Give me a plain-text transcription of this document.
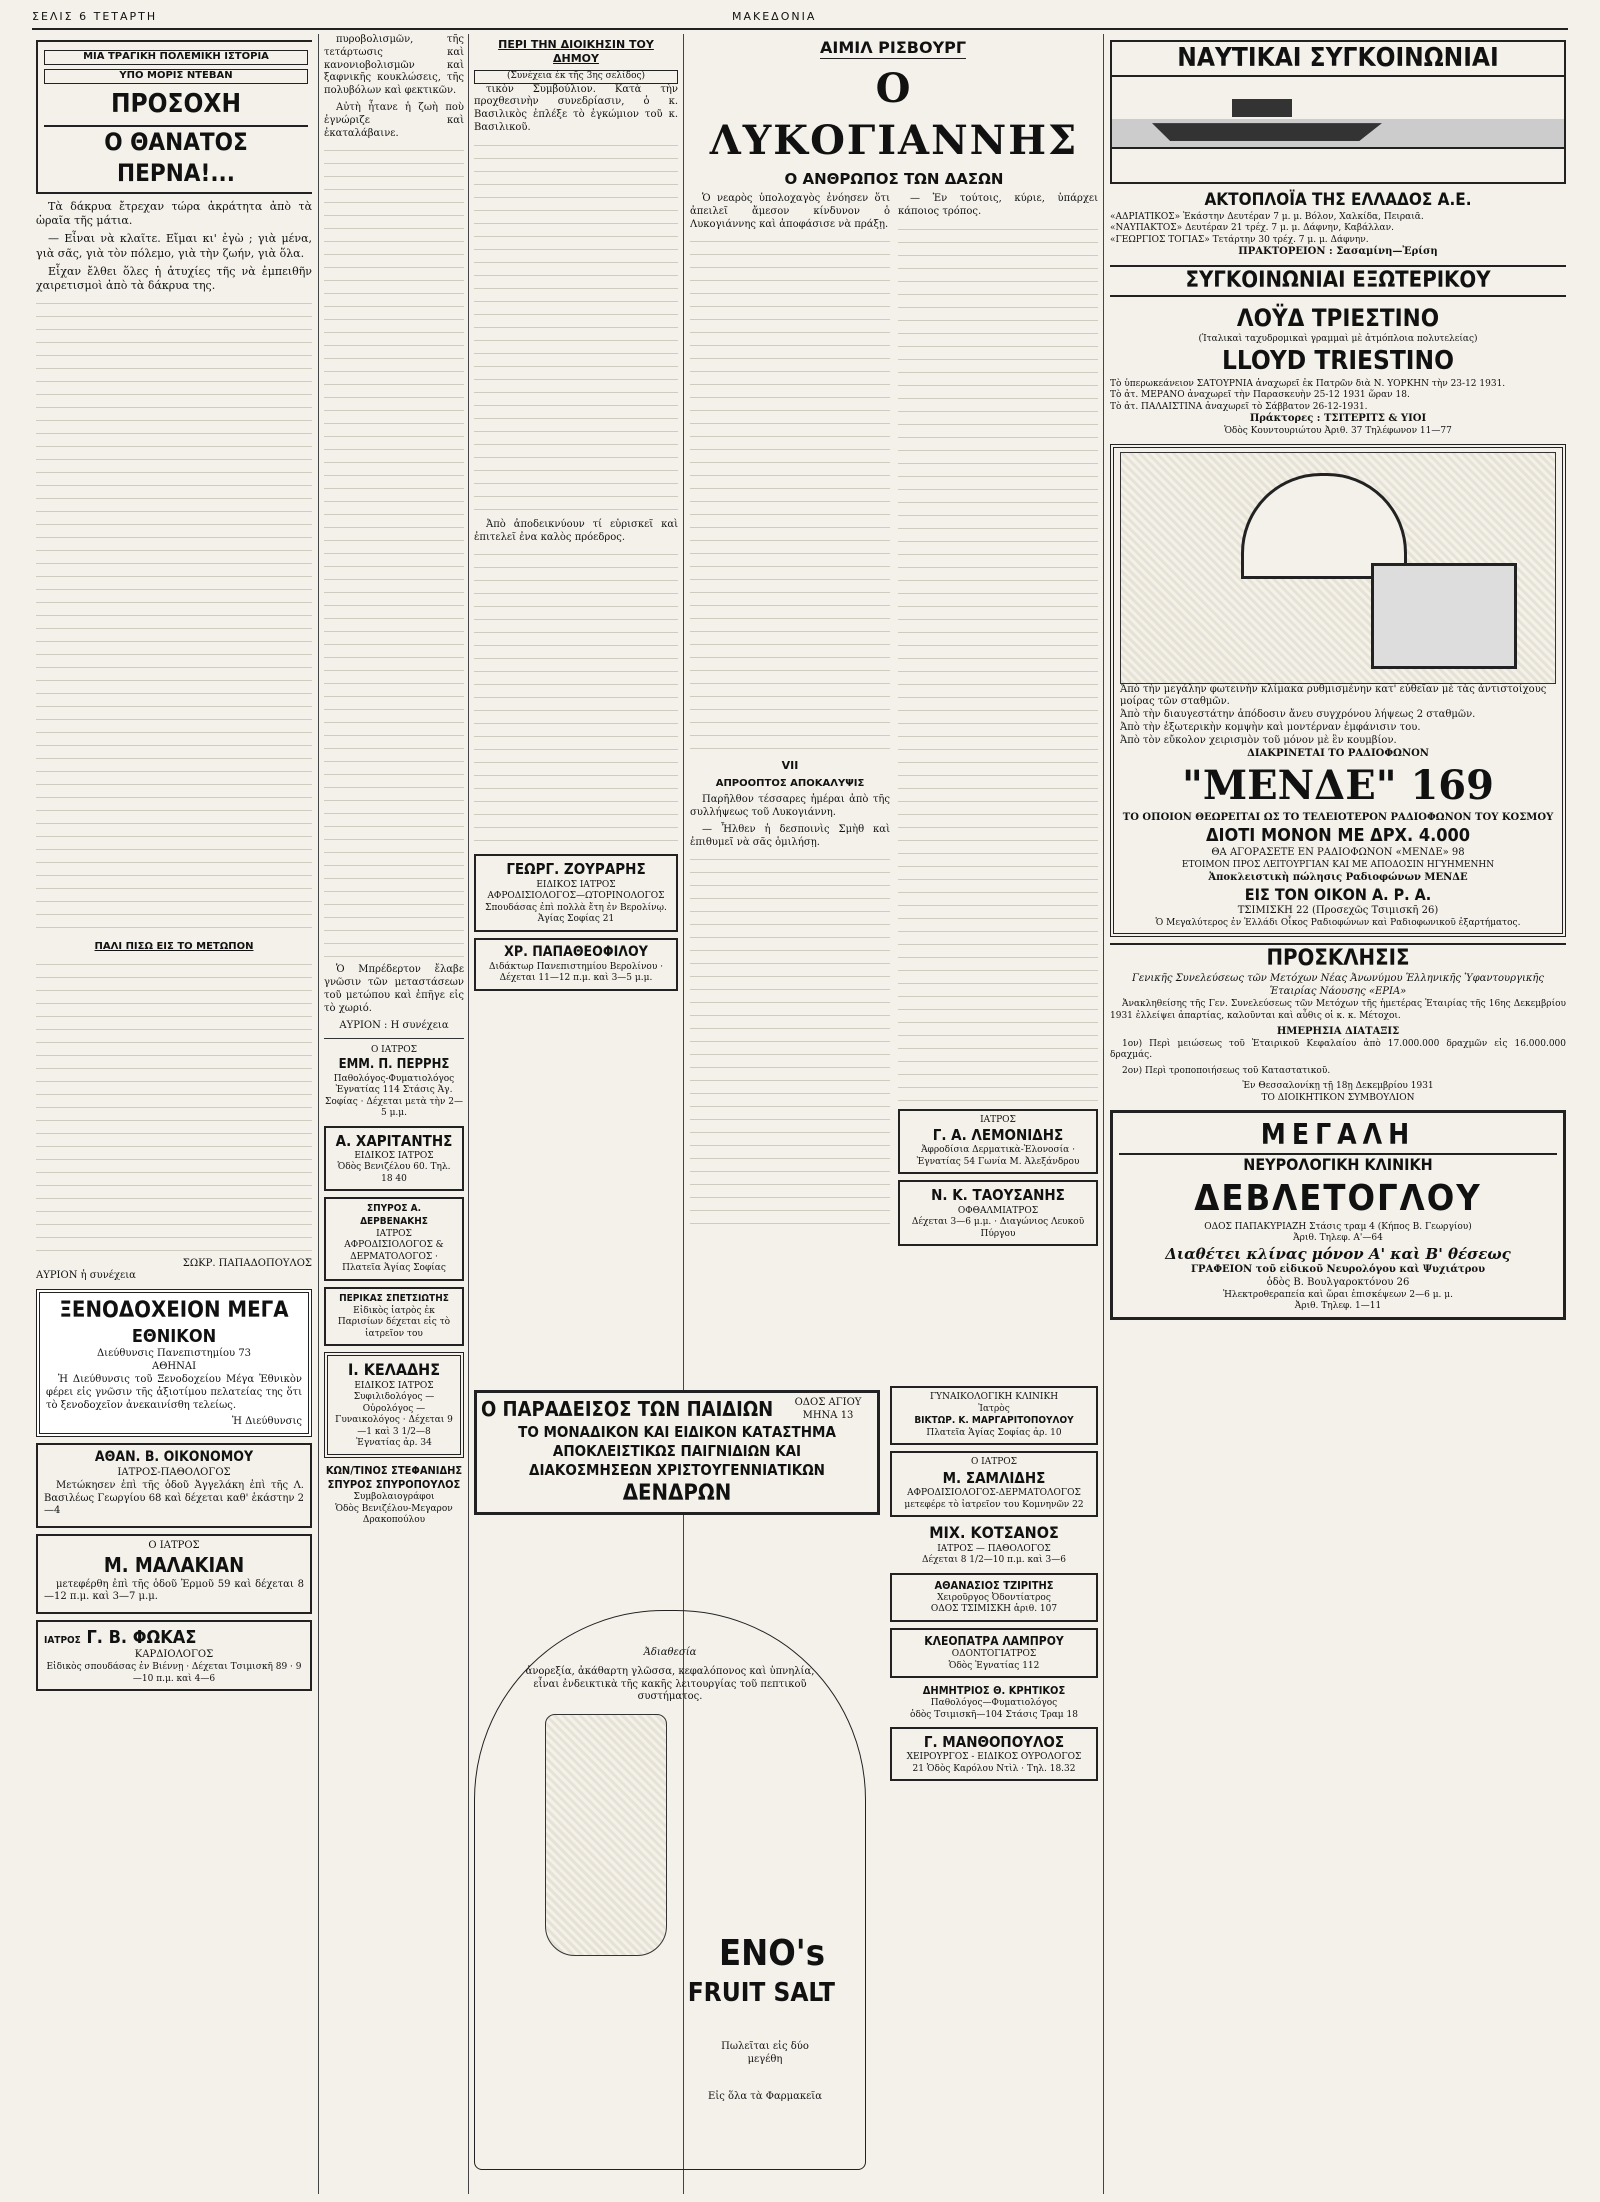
ΣΕΛΙΣ 6 ΤΕΤΑΡΤΗ	ΜΑΚΕΔΟΝΙΑ
ΜΙΑ ΤΡΑΓΙΚΗ ΠΟΛΕΜΙΚΗ ΙΣΤΟΡΙΑ
ΥΠΟ ΜΟΡΙΣ ΝΤΕΒΑΝ
ΠΡΟΣΟΧΗ
Ο ΘΑΝΑΤΟΣ ΠΕΡΝΑ!...

Τὰ δάκρυα ἔτρεχαν τώρα ἀκράτητα ἀπὸ τὰ ὡραῖα τῆς μάτια.

— Εἶναι νὰ κλαῖτε. Εἴμαι κι' ἐγὼ ; γιὰ μένα, γιὰ σᾶς, γιὰ τὸν πόλεμο, γιὰ τὴν ζωήν, γιὰ ὅλα.

Εἶχαν ἔλθει ὅλες ἡ ἀτυχίες τῆς νὰ ἐμπειθῆν χαιρετισμοὶ ἀπὸ τὰ δάκρυα της.

ΠΑΛΙ ΠΙΣΩ ΕΙΣ ΤΟ ΜΕΤΩΠΟΝ
ΣΩΚΡ. ΠΑΠΑΔΟΠΟΥΛΟΣ
ΑΥΡΙΟΝ ἡ συνέχεια
ΞΕΝΟΔΟΧΕΙΟΝ ΜΕΓΑ
ΕΘΝΙΚΟΝ
Διεύθυνσις Πανεπιστημίου 73
ΑΘΗΝΑΙ

Ἡ Διεύθυνσις τοῦ Ξενοδοχείου Μέγα Ἐθνικὸν φέρει εἰς γνῶσιν τῆς ἀξιοτίμου πελατείας της ὅτι τὸ ξενοδοχεῖον ἀνεκαινίσθη τελείως.

Ἡ Διεύθυνσις
ΑΘΑΝ. Β. ΟΙΚΟΝΟΜΟΥ
ΙΑΤΡΟΣ-ΠΑΘΟΛΟΓΟΣ

Μετώκησεν ἐπὶ τῆς ὁδοῦ Ἀγγελάκη ἐπὶ τῆς Λ. Βασιλέως Γεωργίου 68 καὶ δέχεται καθ' ἑκάστην 2—4

Ο ΙΑΤΡΟΣ
Μ. ΜΑΛΑΚΙΑΝ

μετεφέρθη ἐπὶ τῆς ὁδοῦ Ἐρμοῦ 59 καὶ δέχεται 8—12 π.μ. καὶ 3—7 μ.μ.

ΙΑΤΡΟΣ Γ. Β. ΦΩΚΑΣ
ΚΑΡΔΙΟΛΟΓΟΣ
Εἰδικὸς σπουδάσας ἐν Βιέννῃ · Δέχεται Τσιμισκῆ 89 · 9—10 π.μ. καὶ 4—6

πυροβολισμῶν, τῆς τετάρτωσις καὶ κανονιοβολισμῶν καὶ ξαφνικῆς κουκλώσεις, τῆς πολυβόλων καὶ φεκτικῶν.

Αὐτὴ ἦτανε ἡ ζωὴ ποὺ ἐγνώριζε καὶ ἐκαταλάβαινε.

Ὁ Μπρέδερτον ἔλαβε γνῶσιν τῶν μεταστάσεων τοῦ μετώπου καὶ ἐπῆγε εἰς τὸ χωριό.

ΑΥΡΙΟΝ : Η συνέχεια
Ο ΙΑΤΡΟΣ
ΕΜΜ. Π. ΠΕΡΡΗΣ
Παθολόγος-Φυματιολόγος
Ἐγνατίας 114 Στάσις Ἁγ. Σοφίας · Δέχεται μετὰ τὴν 2—5 μ.μ.
Α. ΧΑΡΙΤΑΝΤΗΣ
ΕΙΔΙΚΟΣ ΙΑΤΡΟΣ
Ὁδὸς Βενιζέλου 60. Τηλ. 18 40
ΣΠΥΡΟΣ Α. ΔΕΡΒΕΝΑΚΗΣ
ΙΑΤΡΟΣ
ΑΦΡΟΔΙΣΙΟΛΟΓΟΣ & ΔΕΡΜΑΤΟΛΟΓΟΣ · Πλατεῖα Ἁγίας Σοφίας
ΠΕΡΙΚΑΣ ΣΠΕΤΣΙΩΤΗΣ
Εἰδικὸς ἰατρὸς ἐκ Παρισίων δέχεται εἰς τὸ ἰατρεῖον του
Ι. ΚΕΛΑΔΗΣ
ΕΙΔΙΚΟΣ ΙΑΤΡΟΣ
Συφιλιδολόγος — Οὐρολόγος — Γυναικολόγος · Δέχεται 9—1 καὶ 3 1/2—8
Ἐγνατίας ἀρ. 34
ΚΩΝ/ΤΙΝΟΣ ΣΤΕΦΑΝΙΔΗΣ
ΣΠΥΡΟΣ ΣΠΥΡΟΠΟΥΛΟΣ
Συμβολαιογράφοι
Ὁδὸς Βενιζέλου-Μεγαρον Δρακοπούλου
ΠΕΡΙ ΤΗΝ ΔΙΟΙΚΗΣΙΝ ΤΟΥ ΔΗΜΟΥ
(Συνέχεια ἐκ τῆς 3ης σελίδος)

τικὸν Συμβούλιον. Κατὰ τὴν προχθεσινὴν συνεδρίασιν, ὁ κ. Βασιλικὸς ἐπλέξε τὸ ἐγκώμιον τοῦ κ. Βασιλικοῦ.

Ἀπὸ ἀποδεικνύουν τί εὑρισκεῖ καὶ ἐπιτελεῖ ἐνα καλὸς πρόεδρος.

ΓΕΩΡΓ. ΖΟΥΡΑΡΗΣ
ΕΙΔΙΚΟΣ ΙΑΤΡΟΣ
ΑΦΡΟΔΙΣΙΟΛΟΓΟΣ—ΩΤΟΡΙΝΟΛΟΓΟΣ
Σπουδάσας ἐπὶ πολλὰ ἔτη ἐν Βερολίνῳ. Ἁγίας Σοφίας 21
ΧΡ. ΠΑΠΑΘΕΟΦΙΛΟΥ
Διδάκτωρ Πανεπιστημίου Βερολίνου · Δέχεται 11—12 π.μ. καὶ 3—5 μ.μ.
Ο ΠΑΡΑΔΕΙΣΟΣ ΤΩΝ ΠΑΙΔΙΩΝ	ΟΔΟΣ ΑΓΙΟΥ ΜΗΝΑ 13
ΤΟ ΜΟΝΑΔΙΚΟΝ ΚΑΙ ΕΙΔΙΚΟΝ ΚΑΤΑΣΤΗΜΑ
ΑΠΟΚΛΕΙΣΤΙΚΩΣ ΠΑΙΓΝΙΔΙΩΝ ΚΑΙ
ΔΙΑΚΟΣΜΗΣΕΩΝ ΧΡΙΣΤΟΥΓΕΝΝΙΑΤΙΚΩΝ
ΔΕΝΔΡΩΝ
Ἀδιαθεσία
ἀνορεξία, ἀκάθαρτη γλῶσσα, κεφαλόπονος καὶ ὑπνηλία, εἶναι ἐνδεικτικὰ τῆς κακῆς λειτουργίας τοῦ πεπτικοῦ συστήματος.
ENO's
FRUIT SALT
Πωλεῖται εἰς δύο μεγέθη
Εἰς ὅλα τὰ Φαρμακεῖα
ΑΙΜΙΛ ΡΙΣΒΟΥΡΓ
Ο ΛΥΚΟΓΙΑΝΝΗΣ
Ο ΑΝΘΡΩΠΟΣ ΤΩΝ ΔΑΣΩΝ

Ὁ νεαρὸς ὑπολοχαγὸς ἐνόησεν ὅτι ἀπειλεῖ ἄμεσον κίνδυνον ὁ Λυκογιάννης καὶ ἀποφάσισε νὰ πράξῃ.

VII
ΑΠΡΟΟΠΤΟΣ ΑΠΟΚΑΛΥΨΙΣ

Παρῆλθον τέσσαρες ἡμέραι ἀπὸ τῆς συλλήψεως τοῦ Λυκογιάννη.

— Ἦλθεν ἡ δεσποινὶς Σμὴθ καὶ ἐπιθυμεῖ νὰ σᾶς ὁμιλήσῃ.

— Ἐν τούτοις, κύριε, ὑπάρχει κάποιος τρόπος.

ΙΑΤΡΟΣ
Γ. Α. ΛΕΜΟΝΙΔΗΣ
Ἀφροδίσια Δερματικὰ-Ἐλονοσία · Ἐγνατίας 54 Γωνία Μ. Ἀλεξάνδρου
Ν. Κ. ΤΑΟΥΣΑΝΗΣ
ΟΦΘΑΛΜΙΑΤΡΟΣ
Δέχεται 3—6 μ.μ. · Διαγώνιος Λευκοῦ Πύργου
ΓΥΝΑΙΚΟΛΟΓΙΚΗ ΚΛΙΝΙΚΗ
Ἰατρὸς
ΒΙΚΤΩΡ. Κ. ΜΑΡΓΑΡΙΤΟΠΟΥΛΟΥ
Πλατεῖα Ἁγίας Σοφίας ἀρ. 10
Ο ΙΑΤΡΟΣ
Μ. ΣΑΜΛΙΔΗΣ
ΑΦΡΟΔΙΣΙΟΛΟΓΟΣ-ΔΕΡΜΑΤΟΛΟΓΟΣ
μετεφέρε τὸ ἰατρεῖον του Κομνηνῶν 22
ΜΙΧ. ΚΟΤΣΑΝΟΣ
ΙΑΤΡΟΣ — ΠΑΘΟΛΟΓΟΣ
Δέχεται 8 1/2—10 π.μ. καὶ 3—6
ΑΘΑΝΑΣΙΟΣ ΤΖΙΡΙΤΗΣ
Χειροῦργος Ὀδοντίατρος
ΟΔΟΣ ΤΣΙΜΙΣΚΗ ἀριθ. 107
ΚΛΕΟΠΑΤΡΑ ΛΑΜΠΡΟΥ
ΟΔΟΝΤΟΓΙΑΤΡΟΣ
Ὁδὸς Ἐγνατίας 112
ΔΗΜΗΤΡΙΟΣ Θ. ΚΡΗΤΙΚΟΣ
Παθολόγος—Φυματιολόγος
ὁδὸς Τσιμισκῆ—104 Στάσις Τραμ 18
Γ. ΜΑΝΘΟΠΟΥΛΟΣ
ΧΕΙΡΟΥΡΓΟΣ - ΕΙΔΙΚΟΣ ΟΥΡΟΛΟΓΟΣ
21 Ὁδὸς Καρόλου Ντὶλ · Τηλ. 18.32
ΝΑΥΤΙΚΑΙ ΣΥΓΚΟΙΝΩΝΙΑΙ
ΑΚΤΟΠΛΟΪΑ ΤΗΣ ΕΛΛΑΔΟΣ Α.Ε.
«ΑΔΡΙΑΤΙΚΟΣ» Ἐκάστην Δευτέραν 7 μ. μ. Βόλον, Χαλκίδα, Πειραιᾶ.
«ΝΑΥΠΑΚΤΟΣ» Δευτέραν 21 τρέχ. 7 μ. μ. Δάφνην, Καβάλλαν.
«ΓΕΩΡΓΙΟΣ ΤΟΓΙΑΣ» Τετάρτην 30 τρέχ. 7 μ. μ. Δάφνην.
ΠΡΑΚΤΟΡΕΙΟΝ : Σασαμίνη—Ἐρίση
ΣΥΓΚΟΙΝΩΝΙΑΙ ΕΞΩΤΕΡΙΚΟΥ
ΛΟΫΔ ΤΡΙΕΣΤΙΝΟ
(Ἰταλικαὶ ταχυδρομικαὶ γραμμαὶ μὲ ἀτμόπλοια πολυτελείας)
LLOYD TRIESTINO
Τὸ ὑπερωκεάνειον ΣΑΤΟΥΡΝΙΑ ἀναχωρεῖ ἐκ Πατρῶν διὰ Ν. ΥΟΡΚΗΝ τὴν 23-12 1931.
Τὸ ἀτ. ΜΕΡΑΝΟ ἀναχωρεῖ τὴν Παρασκευὴν 25-12 1931 ὥραν 18.
Τὸ ἀτ. ΠΑΛΑΙΣΤΙΝΑ ἀναχωρεῖ τὸ Σάββατον 26-12-1931.
Πράκτορες : ΤΣΙΤΕΡΙΤΣ & ΥΙΟΙ
Ὁδὸς Κουντουριώτου Ἀριθ. 37 Τηλέφωνον 11—77
Ἀπὸ τὴν μεγάλην φωτεινὴν κλίμακα ρυθμισμένην κατ' εὐθεῖαν μὲ τὰς ἀντιστοίχους μοίρας τῶν σταθμῶν.
Ἀπὸ τὴν διαυγεστάτην ἀπόδοσιν ἄνευ συγχρόνου λήψεως 2 σταθμῶν.
Ἀπὸ τὴν ἐξωτερικὴν κομψὴν καὶ μοντέρναν ἐμφάνισιν του.
Ἀπὸ τὸν εὔκολον χειρισμὸν τοῦ μόνον μὲ ἓν κουμβίον.
ΔΙΑΚΡΙΝΕΤΑΙ ΤΟ ΡΑΔΙΟΦΩΝΟΝ
"ΜΕΝΔΕ" 169
ΤΟ ΟΠΟΙΟΝ ΘΕΩΡΕΙΤΑΙ ΩΣ ΤΟ ΤΕΛΕΙΟΤΕΡΟΝ ΡΑΔΙΟΦΩΝΟΝ ΤΟΥ ΚΟΣΜΟΥ
ΔΙΟΤΙ ΜΟΝΟΝ ΜΕ ΔΡΧ. 4.000
ΘΑ ΑΓΟΡΑΣΕΤΕ ΕΝ ΡΑΔΙΟΦΩΝΟΝ «ΜΕΝΔΕ» 98
ΕΤΟΙΜΟΝ ΠΡΟΣ ΛΕΙΤΟΥΡΓΙΑΝ ΚΑΙ ΜΕ ΑΠΟΔΟΣΙΝ ΗΓΥΗΜΕΝΗΝ
Ἀποκλειστικὴ πώλησις Ραδιοφώνων ΜΕΝΔΕ
ΕΙΣ ΤΟΝ ΟΙΚΟΝ Α. Ρ. Α.
ΤΣΙΜΙΣΚΗ 22 (Προσεχῶς Τσιμισκῆ 26)
Ὁ Μεγαλύτερος ἐν Ἑλλάδι Οἶκος Ραδιοφώνων καὶ Ραδιοφωνικοῦ ἐξαρτήματος.
ΠΡΟΣΚΛΗΣΙΣ
Γενικῆς Συνελεύσεως τῶν Μετόχων Νέας Ἀνωνύμου Ἑλληνικῆς Ὑφαντουργικῆς Ἑταιρίας Νάουσης «ΕΡΙΑ»

Ἀνακληθείσης τῆς Γεν. Συνελεύσεως τῶν Μετόχων τῆς ἡμετέρας Ἑταιρίας τῆς 16ης Δεκεμβρίου 1931 ἐλλείψει ἀπαρτίας, καλοῦνται καὶ αὖθις οἱ κ. κ. Μέτοχοι.

ΗΜΕΡΗΣΙΑ ΔΙΑΤΑΞΙΣ

1ον) Περὶ μειώσεως τοῦ Ἑταιρικοῦ Κεφαλαίου ἀπὸ 17.000.000 δραχμῶν εἰς 16.000.000 δραχμάς.

2ον) Περὶ τροποποιήσεως τοῦ Καταστατικοῦ.

Ἐν Θεσσαλονίκῃ τῇ 18ῃ Δεκεμβρίου 1931
ΤΟ ΔΙΟΙΚΗΤΙΚΟΝ ΣΥΜΒΟΥΛΙΟΝ
ΜΕΓΑΛΗ
ΝΕΥΡΟΛΟΓΙΚΗ ΚΛΙΝΙΚΗ
ΔΕΒΛΕΤΟΓΛΟΥ
ΟΔΟΣ ΠΑΠΑΚΥΡΙΑΖΗ Στάσις τραμ 4 (Κήπος Β. Γεωργίου)
Ἀριθ. Τηλεφ. Α'—64
Διαθέτει κλίνας μόνον Α' καὶ Β' θέσεως
ΓΡΑΦΕΙΟΝ τοῦ εἰδικοῦ Νευρολόγου καὶ Ψυχιάτρου
ὁδὸς Β. Βουλγαροκτόνου 26
Ἡλεκτροθεραπεία καὶ ὥραι ἐπισκέψεων 2—6 μ. μ.
Ἀριθ. Τηλεφ. 1—11
